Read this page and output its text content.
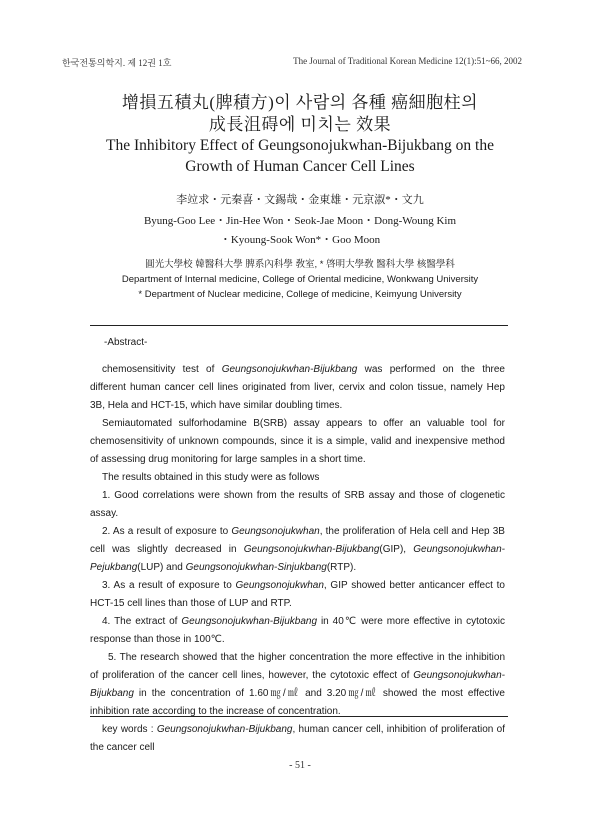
한국전통의학지. 제 12권 1호	The Journal of Traditional Korean Medicine 12(1):51~66, 2002
增損五積丸(脾積方)이 사람의 各種 癌細胞柱의
成長沮碍에 미치는 效果
The Inhibitory Effect of Geungsonojukwhan-Bijukbang on the
Growth of Human Cancer Cell Lines
李竝求・元秦喜・文錫哉・金東雄・元京淑*・文九
Byung-Goo Lee・Jin-Hee Won・Seok-Jae Moon・Dong-Woung Kim
・Kyoung-Sook Won*・Goo Moon
圓光大學校 韓醫科大學 脾系內科學 敎室, * 啓明大學敎 醫科大學 核醫學科
Department of Internal medicine, College of Oriental medicine, Wonkwang University
* Department of Nuclear medicine, College of medicine, Keimyung University
-Abstract-

chemosensitivity test of Geungsonojukwhan-Bijukbang was performed on the three different human cancer cell lines originated from liver, cervix and colon tissue, namely Hep 3B, Hela and HCT-15, which have similar doubling times.

Semiautomated sulforhodamine B(SRB) assay appears to offer an valuable tool for chemosensitivity of unknown compounds, since it is a simple, valid and inexpensive method of assessing drug monitoring for large samples in a short time.

The results obtained in this study were as follows

1. Good correlations were shown from the results of SRB assay and those of clogenetic assay.

2. As a result of exposure to Geungsonojukwhan, the proliferation of Hela cell and Hep 3B cell was slightly decreased in Geungsonojukwhan-Bijukbang(GIP), Geungsonojukwhan-Pejukbang(LUP) and Geungsonojukwhan-Sinjukbang(RTP).

3. As a result of exposure to Geungsonojukwhan, GIP showed better anticancer effect to HCT-15 cell lines than those of LUP and RTP.

4. The extract of Geungsonojukwhan-Bijukbang in 40℃ were more effective in cytotoxic response than those in 100℃.

5. The research showed that the higher concentration the more effective in the inhibition of proliferation of the cancer cell lines, however, the cytotoxic effect of Geungsonojukwhan-Bijukbang in the concentration of 1.60㎎/㎖ and 3.20㎎/㎖ showed the most effective inhibition rate according to the increase of concentration.

key words : Geungsonojukwhan-Bijukbang, human cancer cell, inhibition of proliferation of the cancer cell

- 51 -
